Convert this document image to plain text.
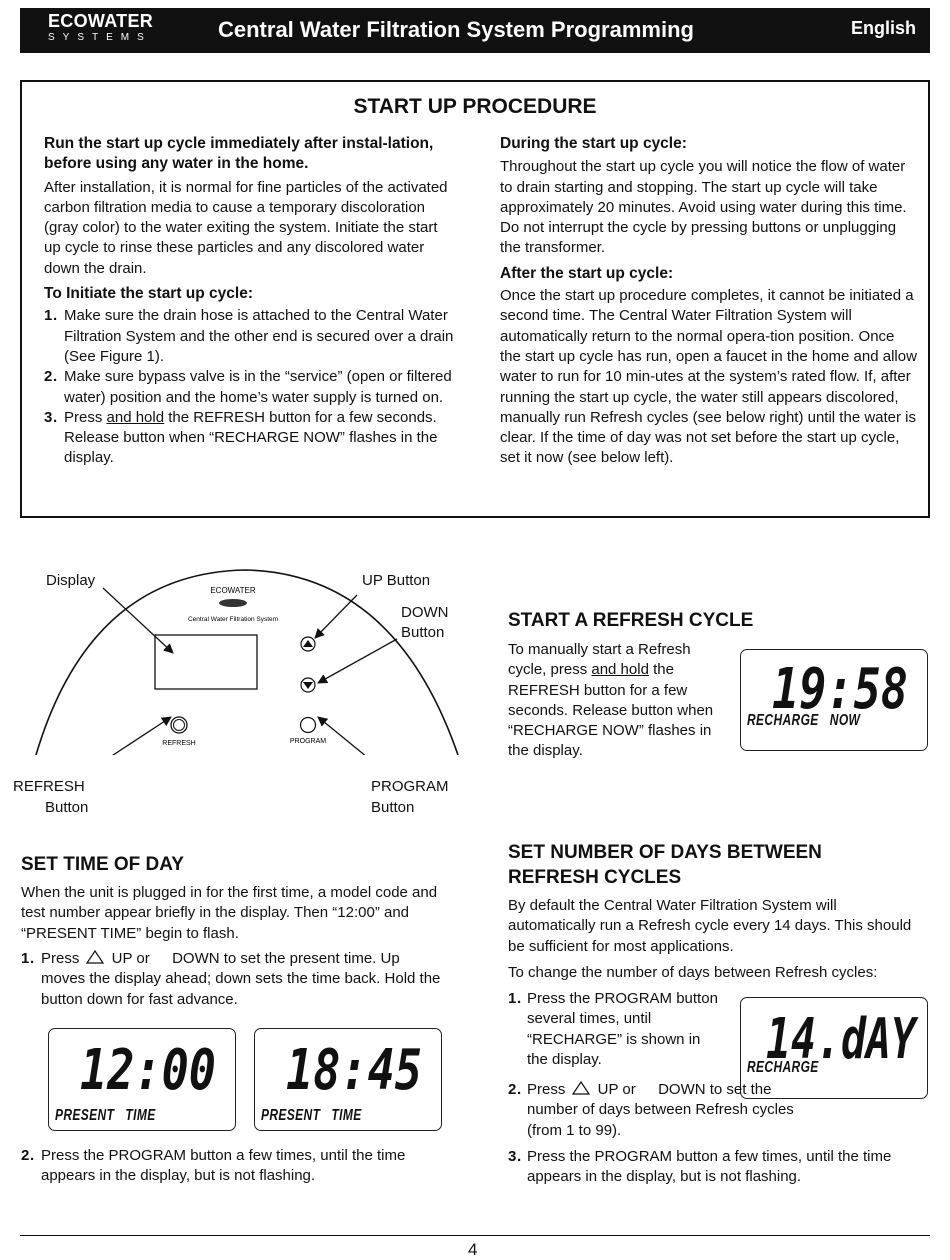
ECOWATER
SYSTEMS	Central Water Filtration System Programming	English
START UP PROCEDURE

Run the start up cycle immediately after instal-lation, before using any water in the home.

After installation, it is normal for fine particles of the activated carbon filtration media to cause a temporary discoloration (gray color) to the water exiting the system. Initiate the start up cycle to rinse these particles and any discolored water down the drain.

To Initiate the start up cycle:

1 . Make sure the drain hose is attached to the Central Water Filtration System and the other end is secured over a drain (See Figure 1).
2 . Make sure bypass valve is in the “service” (open or filtered water) position and the home’s water supply is turned on.
3 . Press and hold the REFRESH button for a few seconds. Release button when “RECHARGE NOW” flashes in the display.

During the start up cycle:

Throughout the start up cycle you will notice the flow of water to drain starting and stopping. The start up cycle will take approximately 20 minutes. Avoid using water during this time. Do not interrupt the cycle by pressing buttons or unplugging the transformer.

After the start up cycle:

Once the start up procedure completes, it cannot be initiated a second time. The Central Water Filtration System will automatically return to the normal opera-tion position. Once the start up cycle has run, open a faucet in the home and allow water to run for 10 min-utes at the system’s rated flow. If, after running the start up cycle, the water still appears discolored, manually run Refresh cycles (see below right) until the water is clear. If the time of day was not set before the start up cycle, set it now (see below left).

ECOWATER
Central Water Filtration System
REFRESH	PROGRAM
Display	UP Button
DOWN
Button
REFRESH
Button
PROGRAM
Button
START A REFRESH CYCLE

To manually start a Refresh cycle, press and hold the REFRESH button for a few seconds. Release button when “RECHARGE NOW” flashes in the display.

19:58
RECHARGE   NOW
SET TIME OF DAY
When the unit is plugged in for the first time, a model code and test number appear briefly in the display. Then “12:00” and “PRESENT TIME” begin to flash.
1 . Press  UP or  DOWN to set the present time. Up moves the display ahead; down sets the time back. Hold the button down for fast advance.
12:00
PRESENT   TIME
18:45
PRESENT   TIME
2 . Press the PROGRAM button a few times, until the time appears in the display, but is not flashing.
SET NUMBER OF DAYS BETWEEN
REFRESH CYCLES
By default the Central Water Filtration System will automatically run a Refresh cycle every 14 days. This should be sufficient for most applications.
To change the number of days between Refresh cycles:
1 . Press the PROGRAM button several times, until “RECHARGE” is shown in the display.	14.dAY
RECHARGE
2 . Press  UP or  DOWN to set the number of days between Refresh cycles (from 1 to 99).
3 . Press the PROGRAM button a few times, until the time appears in the display, but is not flashing.
4
